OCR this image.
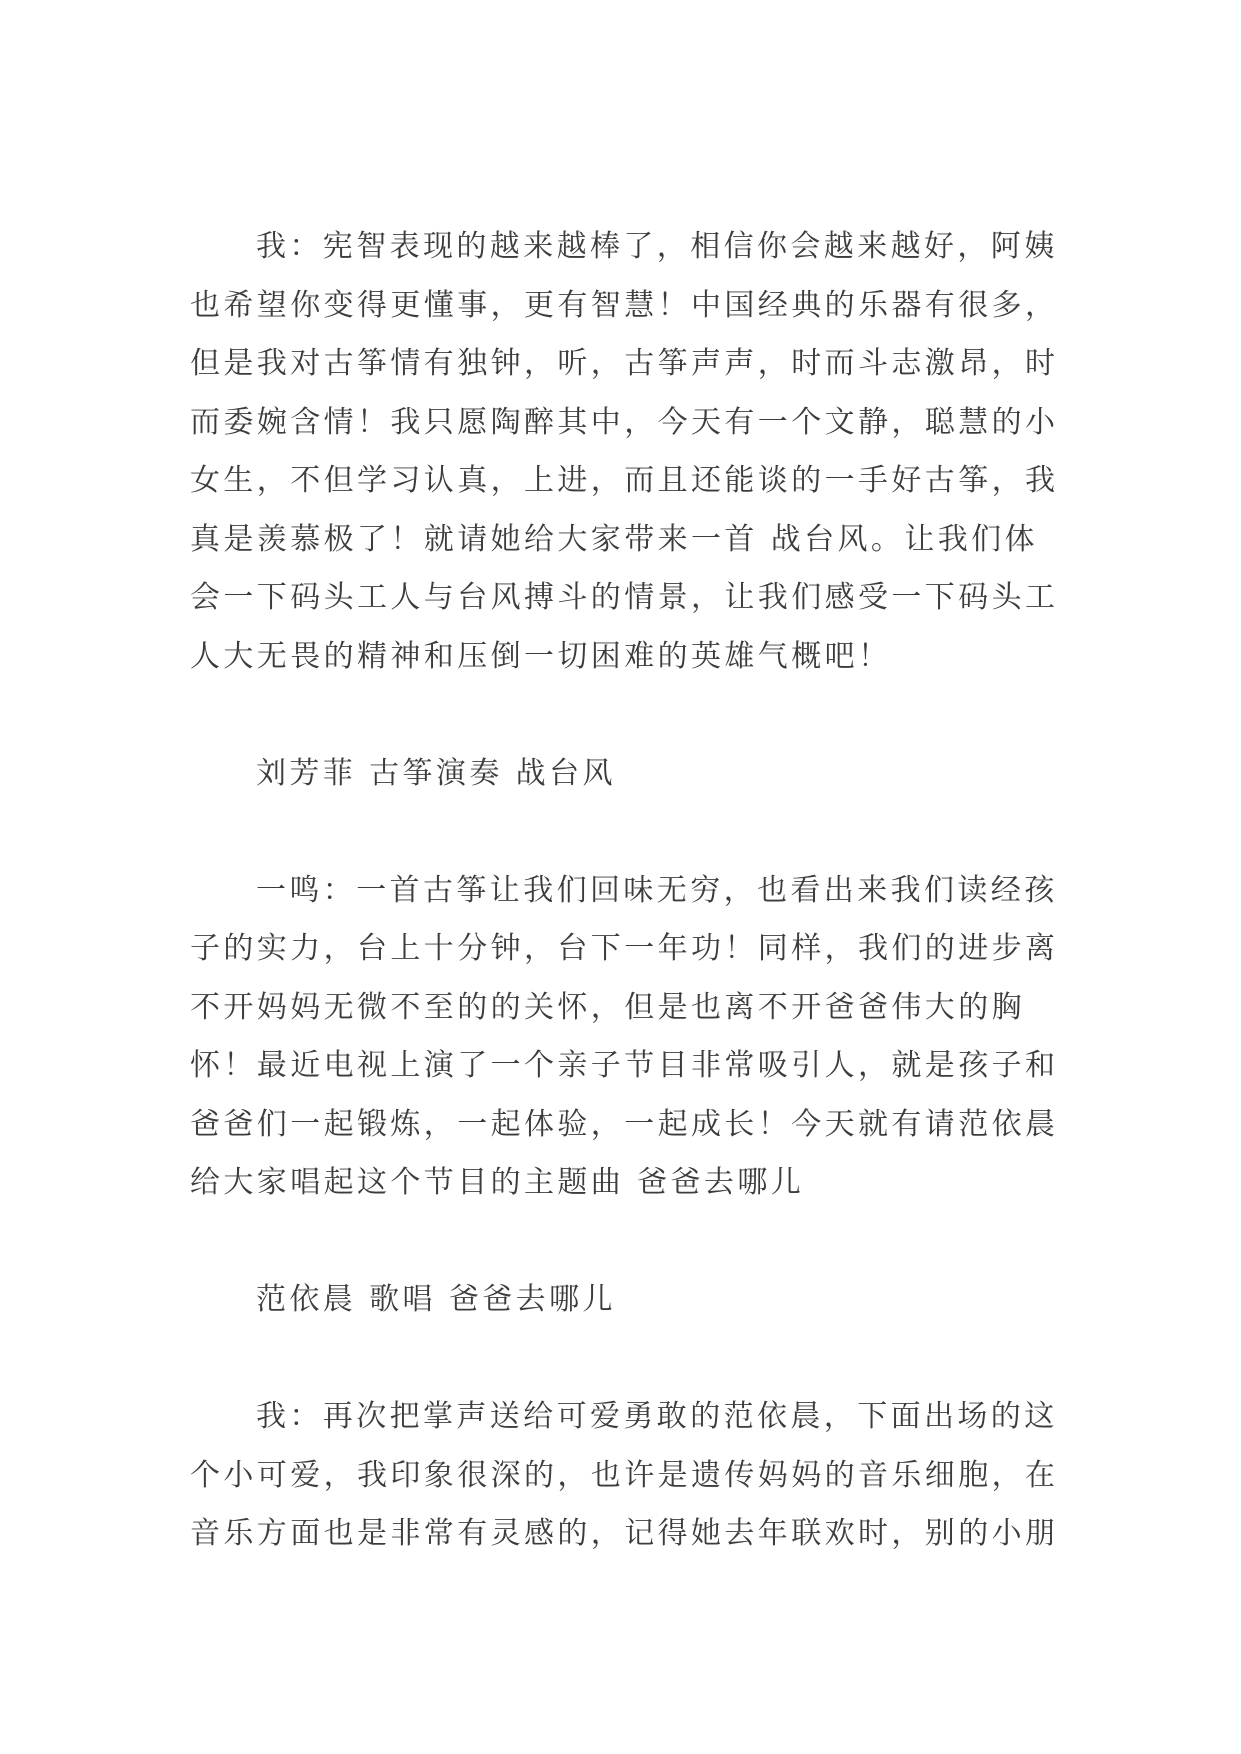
我：宪智表现的越来越棒了，相信你会越来越好，阿姨
也希望你变得更懂事，更有智慧！中国经典的乐器有很多，
但是我对古筝情有独钟，听，古筝声声，时而斗志激昂，时
而委婉含情！我只愿陶醉其中，今天有一个文静，聪慧的小
女生，不但学习认真，上进，而且还能谈的一手好古筝，我
真是羡慕极了！就请她给大家带来一首 战台风。让我们体
会一下码头工人与台风搏斗的情景，让我们感受一下码头工
人大无畏的精神和压倒一切困难的英雄气概吧！
刘芳菲 古筝演奏 战台风
一鸣：一首古筝让我们回味无穷，也看出来我们读经孩
子的实力，台上十分钟，台下一年功！同样，我们的进步离
不开妈妈无微不至的的关怀，但是也离不开爸爸伟大的胸
怀！最近电视上演了一个亲子节目非常吸引人，就是孩子和
爸爸们一起锻炼，一起体验，一起成长！今天就有请范依晨
给大家唱起这个节目的主题曲 爸爸去哪儿
范依晨 歌唱 爸爸去哪儿
我：再次把掌声送给可爱勇敢的范依晨，下面出场的这
个小可爱，我印象很深的，也许是遗传妈妈的音乐细胞，在
音乐方面也是非常有灵感的，记得她去年联欢时，别的小朋
